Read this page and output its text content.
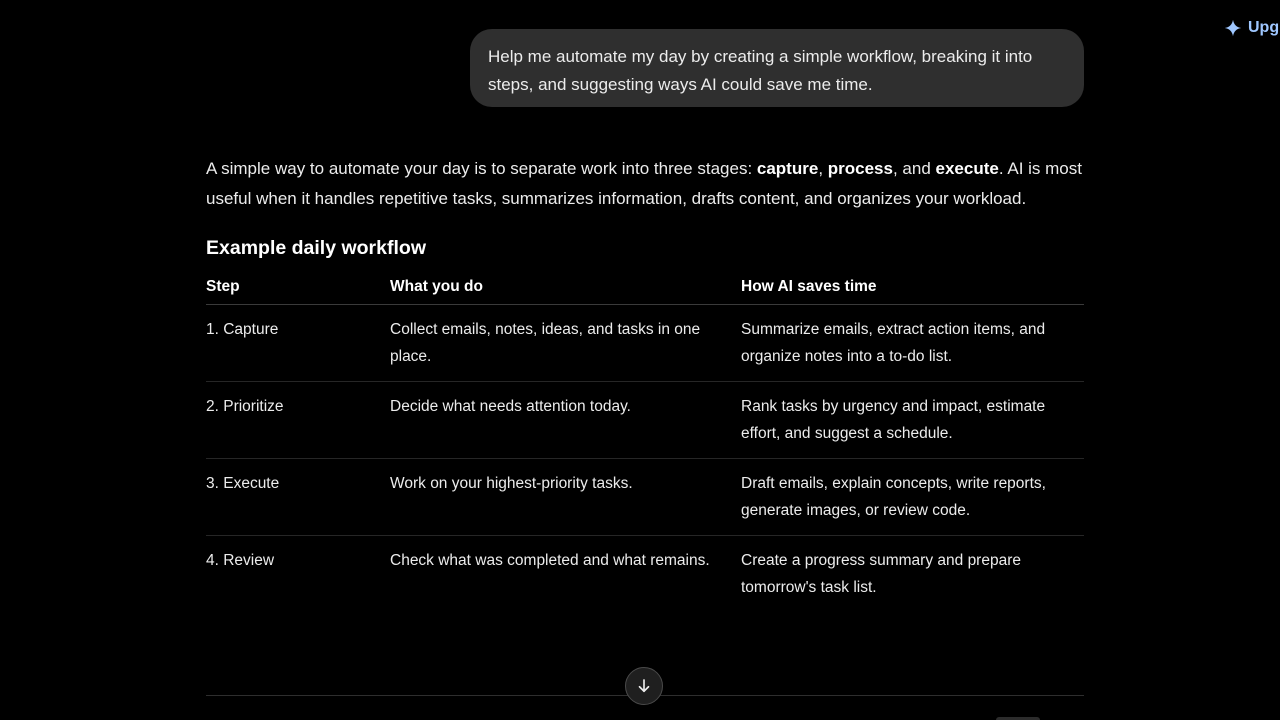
Upg
Help me automate my day by creating a simple workflow, breaking it into steps, and suggesting ways AI could save me time.

A simple way to automate your day is to separate work into three stages: capture, process, and execute. AI is most useful when it handles repetitive tasks, summarizes information, drafts content, and organizes your workload.

Example daily workflow
Step	What you do	How AI saves time
1. Capture	Collect emails, notes, ideas, and tasks in one place.	Summarize emails, extract action items, and organize notes into a to-do list.
2. Prioritize	Decide what needs attention today.	Rank tasks by urgency and impact, estimate effort, and suggest a schedule.
3. Execute	Work on your highest-priority tasks.	Draft emails, explain concepts, write reports, generate images, or review code.
4. Review	Check what was completed and what remains.	Create a progress summary and prepare tomorrow's task list.
